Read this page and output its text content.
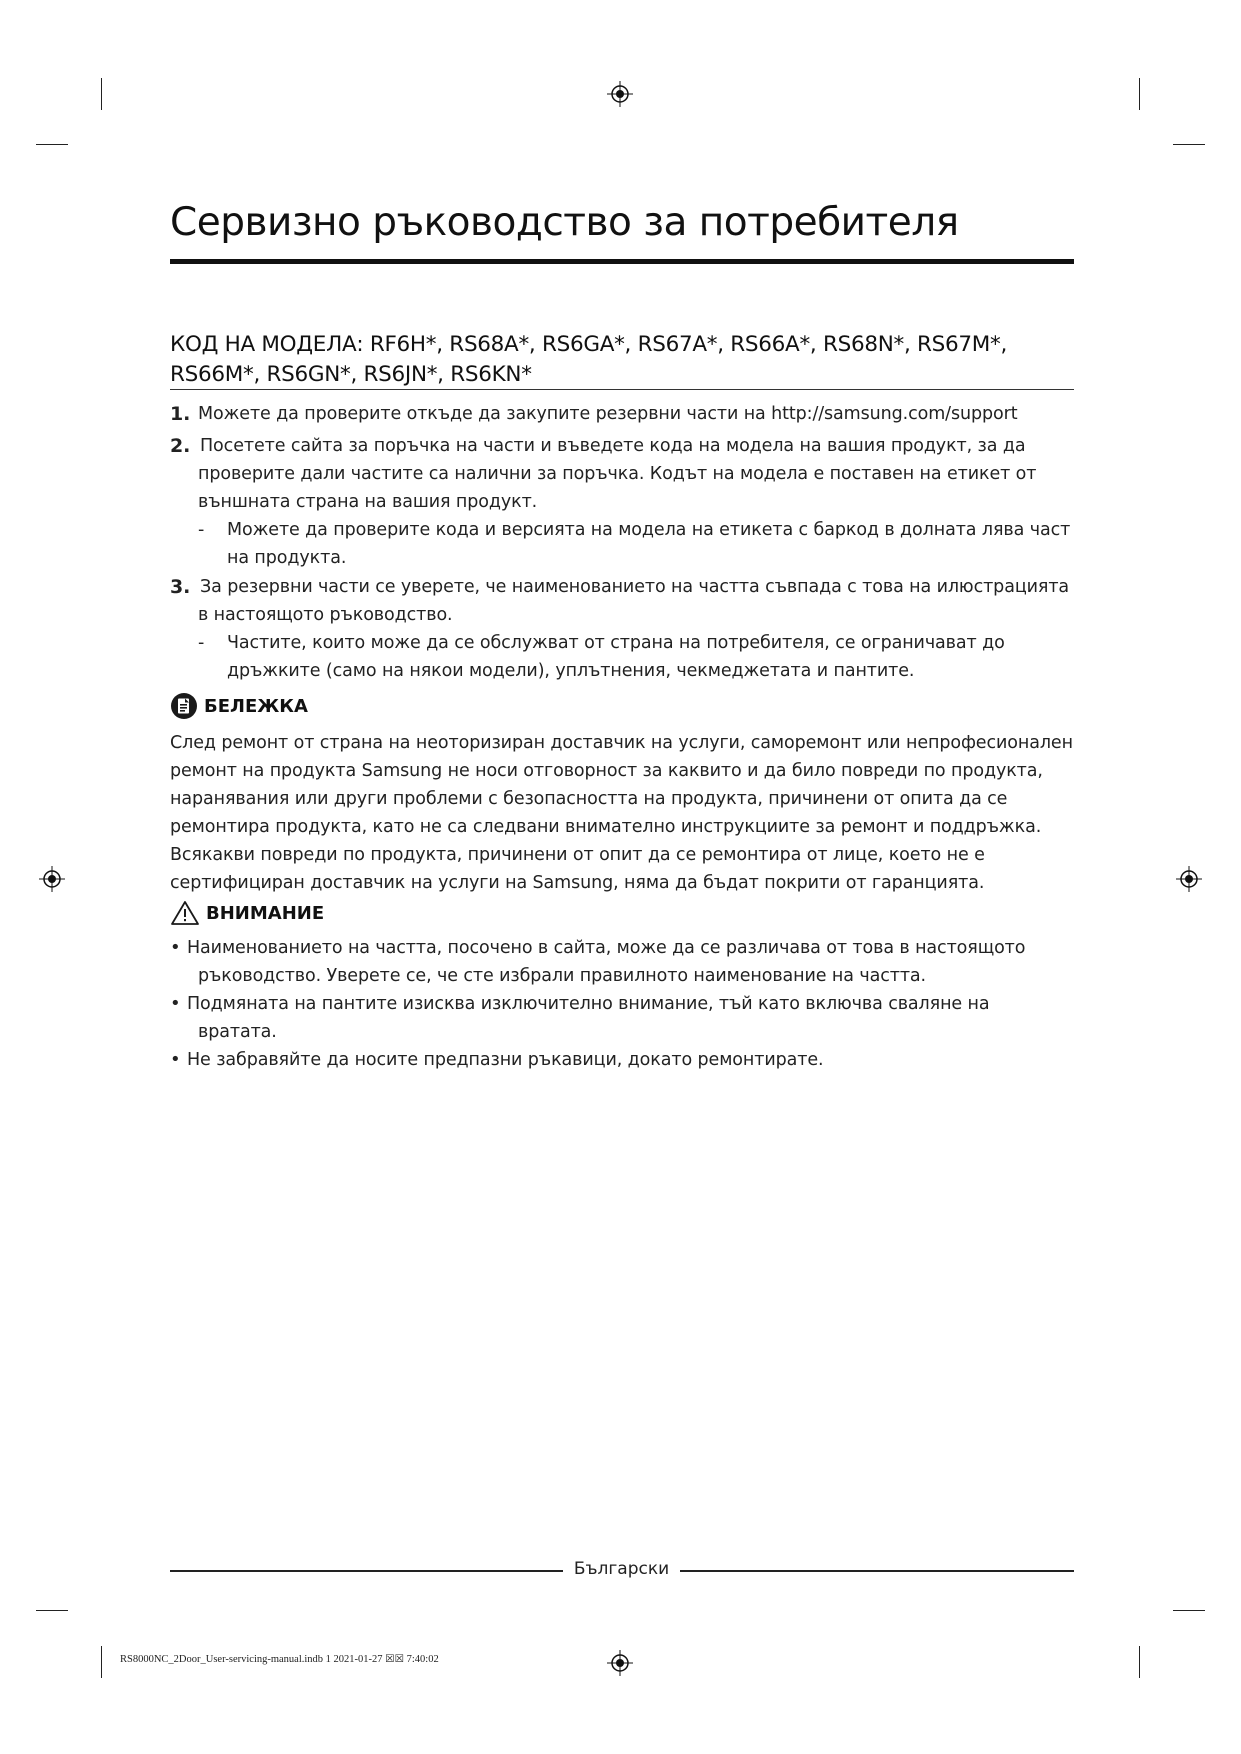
Сервизно ръководство за потребителя
КОД НА МОДЕЛА: RF6H*, RS68A*, RS6GA*, RS67A*, RS66A*, RS68N*, RS67M*, RS66M*, RS6GN*, RS6JN*, RS6KN*
1. Можете да проверите откъде да закупите резервни части на http://samsung.com/support
2. Посетете сайта за поръчка на части и въведете кода на модела на вашия продукт, за да
проверите дали частите са налични за поръчка. Кодът на модела е поставен на етикет от външната страна на вашия продукт.
- Можете да проверите кода и версията на модела на етикета с баркод в долната лява част на продукта.
3. За резервни части се уверете, че наименованието на частта съвпада с това на илюстрацията
в настоящото ръководство.
- Частите, които може да се обслужват от страна на потребителя, се ограничават до дръжките (само на някои модели), уплътнения, чекмеджетата и пантите.
БЕЛЕЖКА
След ремонт от страна на неоторизиран доставчик на услуги, саморемонт или непрофесионален ремонт на продукта Samsung не носи отговорност за каквито и да било повреди по продукта, наранявания или други проблеми с безопасността на продукта, причинени от опита да се ремонтира продукта, като не са следвани внимателно инструкциите за ремонт и поддръжка. Всякакви повреди по продукта, причинени от опит да се ремонтира от лице, което не е сертифициран доставчик на услуги на Samsung, няма да бъдат покрити от гаранцията.
ВНИМАНИЕ
• Наименованието на частта, посочено в сайта, може да се различава от това в настоящото
ръководство. Уверете се, че сте избрали правилното наименование на частта.
• Подмяната на пантите изисква изключително внимание, тъй като включва сваляне на
вратата.
• Не забравяйте да носите предпазни ръкавици, докато ремонтирате.
Български
RS8000NC_2Door_User-servicing-manual.indb 1 2021-01-27 ☒☒ 7:40:02
